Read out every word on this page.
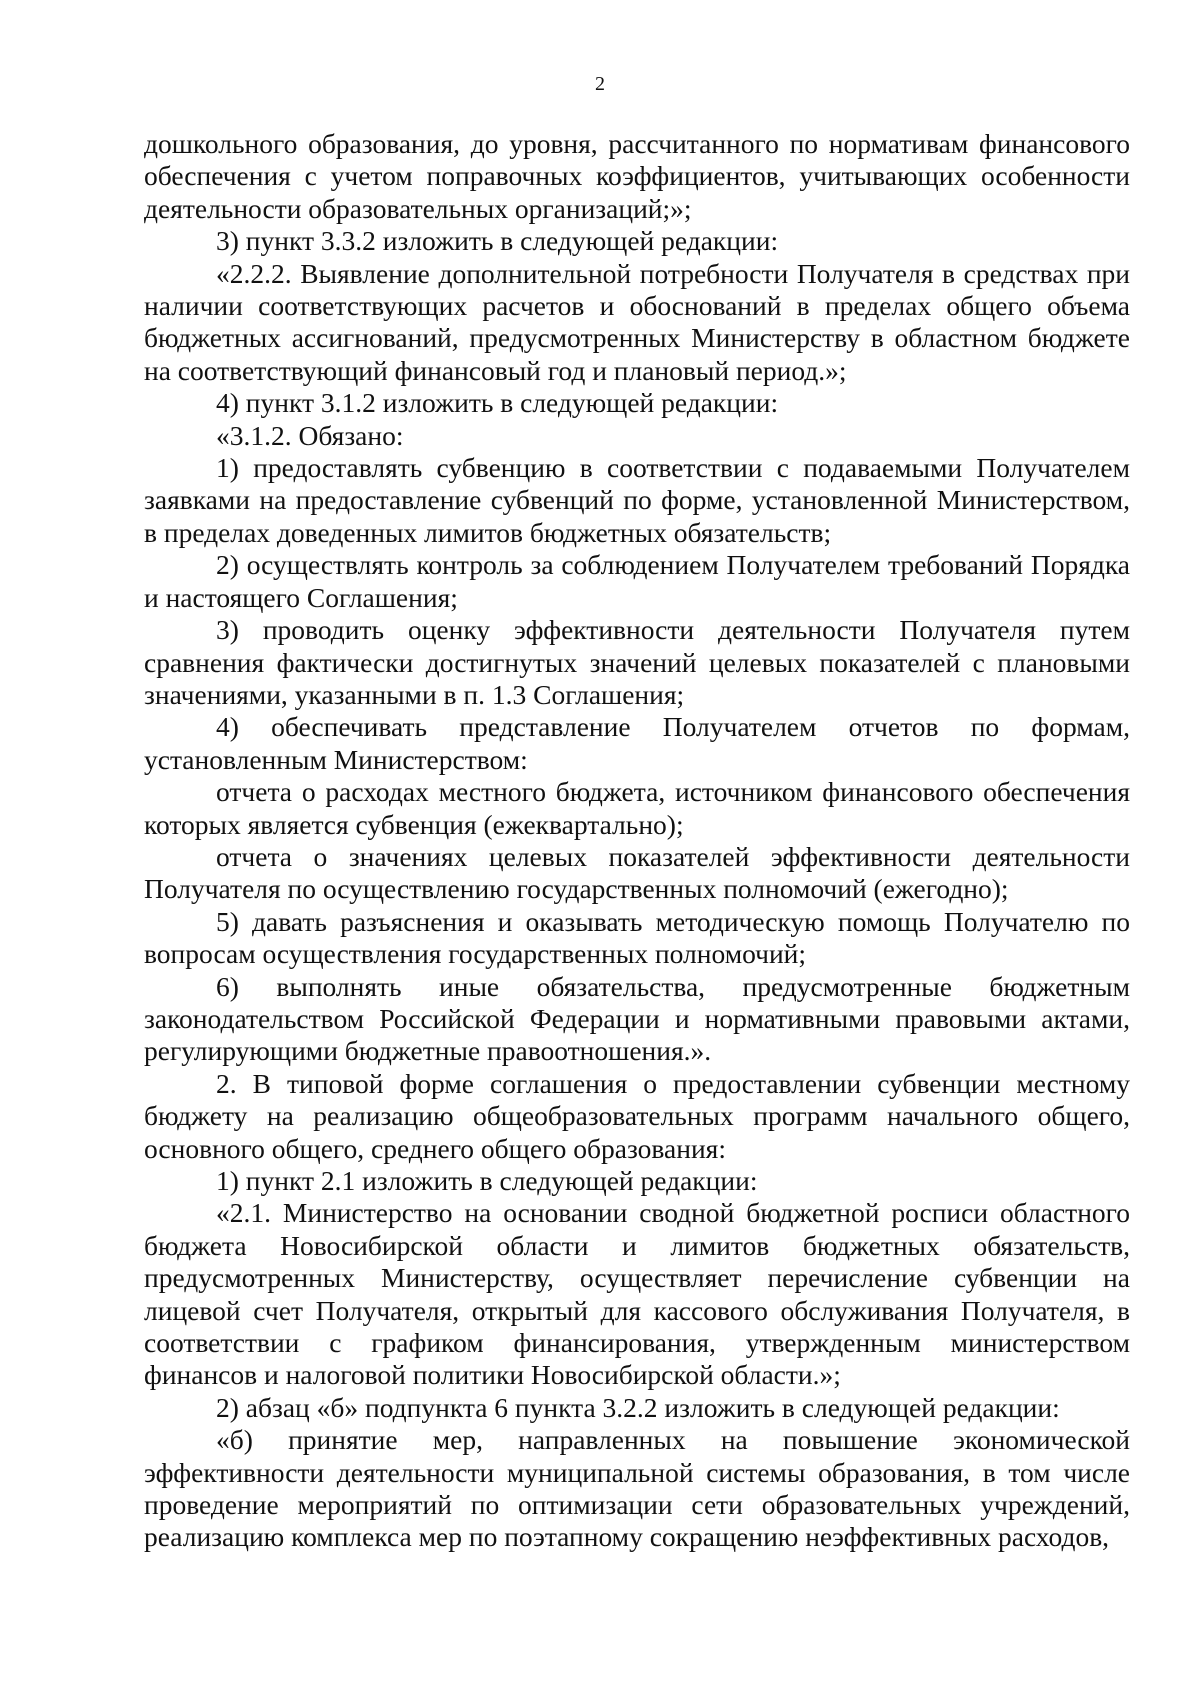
2

дошкольного образования, до уровня, рассчитанного по нормативам финансового обеспечения с учетом поправочных коэффициентов, учитывающих особенности деятельности образовательных организаций;»;

3) пункт 3.3.2 изложить в следующей редакции:

«2.2.2. Выявление дополнительной потребности Получателя в средствах при наличии соответствующих расчетов и обоснований в пределах общего объема бюджетных ассигнований, предусмотренных Министерству в областном бюджете на соответствующий финансовый год и плановый период.»;

4) пункт 3.1.2 изложить в следующей редакции:

«3.1.2. Обязано:

1) предоставлять субвенцию в соответствии с подаваемыми Получателем заявками на предоставление субвенций по форме, установленной Министерством, в пределах доведенных лимитов бюджетных обязательств;

2) осуществлять контроль за соблюдением Получателем требований Порядка и настоящего Соглашения;

3) проводить оценку эффективности деятельности Получателя путем сравнения фактически достигнутых значений целевых показателей с плановыми значениями, указанными в п. 1.3 Соглашения;

4) обеспечивать представление Получателем отчетов по формам, установленным Министерством:

отчета о расходах местного бюджета, источником финансового обеспечения которых является субвенция (ежеквартально);

отчета о значениях целевых показателей эффективности деятельности Получателя по осуществлению государственных полномочий (ежегодно);

5) давать разъяснения и оказывать методическую помощь Получателю по вопросам осуществления государственных полномочий;

6) выполнять иные обязательства, предусмотренные бюджетным законодательством Российской Федерации и нормативными правовыми актами, регулирующими бюджетные правоотношения.».

2. В типовой форме соглашения о предоставлении субвенции местному бюджету на реализацию общеобразовательных программ начального общего, основного общего, среднего общего образования:

1) пункт 2.1 изложить в следующей редакции:

«2.1. Министерство на основании сводной бюджетной росписи областного бюджета Новосибирской области и лимитов бюджетных обязательств, предусмотренных Министерству, осуществляет перечисление субвенции на лицевой счет Получателя, открытый для кассового обслуживания Получателя, в соответствии с графиком финансирования, утвержденным министерством финансов и налоговой политики Новосибирской области.»;

2) абзац «б» подпункта 6 пункта 3.2.2 изложить в следующей редакции:

«б) принятие мер, направленных на повышение экономической эффективности деятельности муниципальной системы образования, в том числе проведение мероприятий по оптимизации сети образовательных учреждений, реализацию комплекса мер по поэтапному сокращению неэффективных расходов,
